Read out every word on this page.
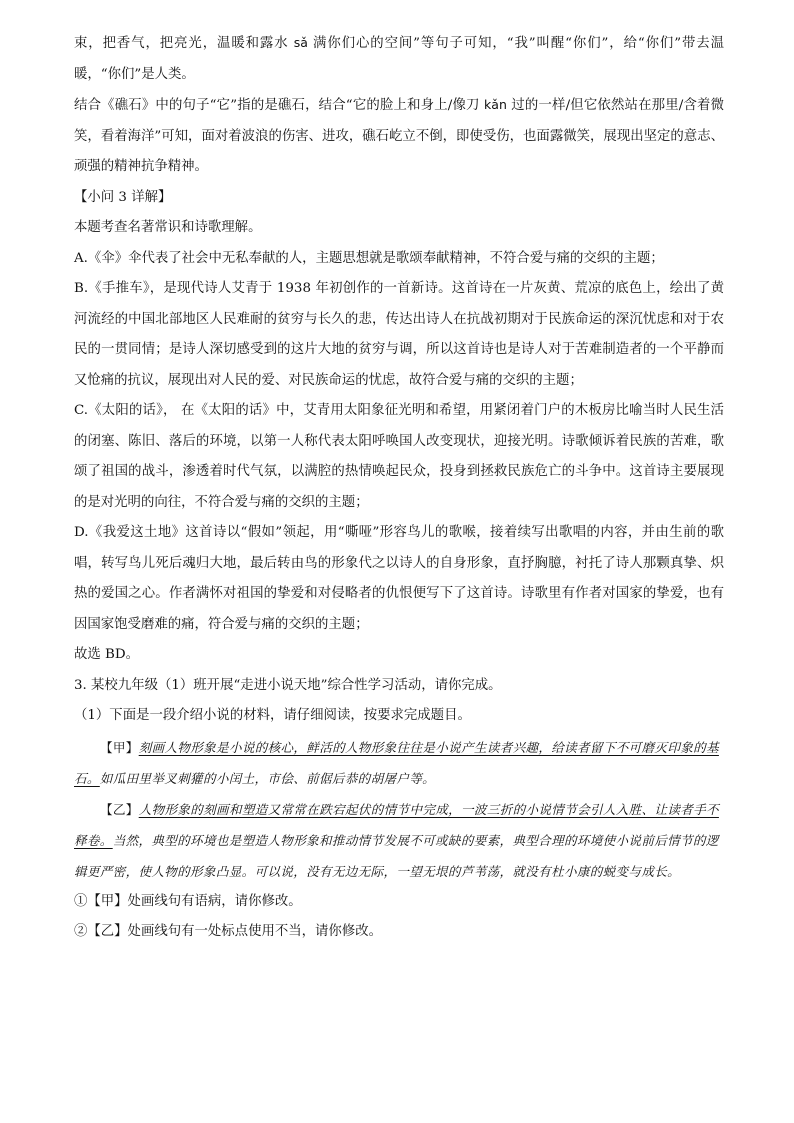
束，把香气，把亮光，温暖和露水 sǎ 满你们心的空间”等句子可知，“我”叫醒“你们”，给“你们”带去温暖，“你们”是人类。

结合《礁石》中的句子“它”指的是礁石，结合“它的脸上和身上/像刀 kǎn 过的一样/但它依然站在那里/含着微笑，看着海洋”可知，面对着波浪的伤害、进攻，礁石屹立不倒，即使受伤，也面露微笑，展现出坚定的意志、顽强的精神抗争精神。

【小问 3 详解】

本题考查名著常识和诗歌理解。

A.《伞》伞代表了社会中无私奉献的人，主题思想就是歌颂奉献精神，不符合爱与痛的交织的主题；

B.《手推车》，是现代诗人艾青于 1938 年初创作的一首新诗。这首诗在一片灰黄、荒凉的底色上，绘出了黄河流经的中国北部地区人民难耐的贫穷与长久的悲，传达出诗人在抗战初期对于民族命运的深沉忧虑和对于农民的一贯同情；是诗人深切感受到的这片大地的贫穷与调，所以这首诗也是诗人对于苦难制造者的一个平静而又怆痛的抗议，展现出对人民的爱、对民族命运的忧虑，故符合爱与痛的交织的主题；

C.《太阳的话》， 在《太阳的话》中，艾青用太阳象征光明和希望，用紧闭着门户的木板房比喻当时人民生活的闭塞、陈旧、落后的环境，以第一人称代表太阳呼唤国人改变现状，迎接光明。诗歌倾诉着民族的苦难，歌颂了祖国的战斗，渗透着时代气氛，以满腔的热情唤起民众，投身到拯救民族危亡的斗争中。这首诗主要展现的是对光明的向往，不符合爱与痛的交织的主题；

D.《我爱这土地》这首诗以“假如”领起，用“嘶哑”形容鸟儿的歌喉，接着续写出歌唱的内容，并由生前的歌唱，转写鸟儿死后魂归大地，最后转由鸟的形象代之以诗人的自身形象，直抒胸臆，衬托了诗人那颗真挚、炽热的爱国之心。作者满怀对祖国的挚爱和对侵略者的仇恨便写下了这首诗。诗歌里有作者对国家的挚爱，也有因国家饱受磨难的痛，符合爱与痛的交织的主题；

故选 BD。

3. 某校九年级（1）班开展“走进小说天地”综合性学习活动，请你完成。

（1）下面是一段介绍小说的材料，请仔细阅读，按要求完成题目。

【甲】刻画人物形象是小说的核心，鲜活的人物形象往往是小说产生读者兴趣，给读者留下不可磨灭印象的基石。如瓜田里举叉刺獾的小闰土，市侩、前倨后恭的胡屠户等。

【乙】人物形象的刻画和塑造又常常在跌宕起伏的情节中完成，一波三折的小说情节会引人入胜、让读者手不释卷。当然，典型的环境也是塑造人物形象和推动情节发展不可或缺的要素，典型合理的环境使小说前后情节的逻辑更严密，使人物的形象凸显。可以说，没有无边无际，一望无垠的芦苇荡，就没有杜小康的蜕变与成长。

①【甲】处画线句有语病，请你修改。

②【乙】处画线句有一处标点使用不当，请你修改。
